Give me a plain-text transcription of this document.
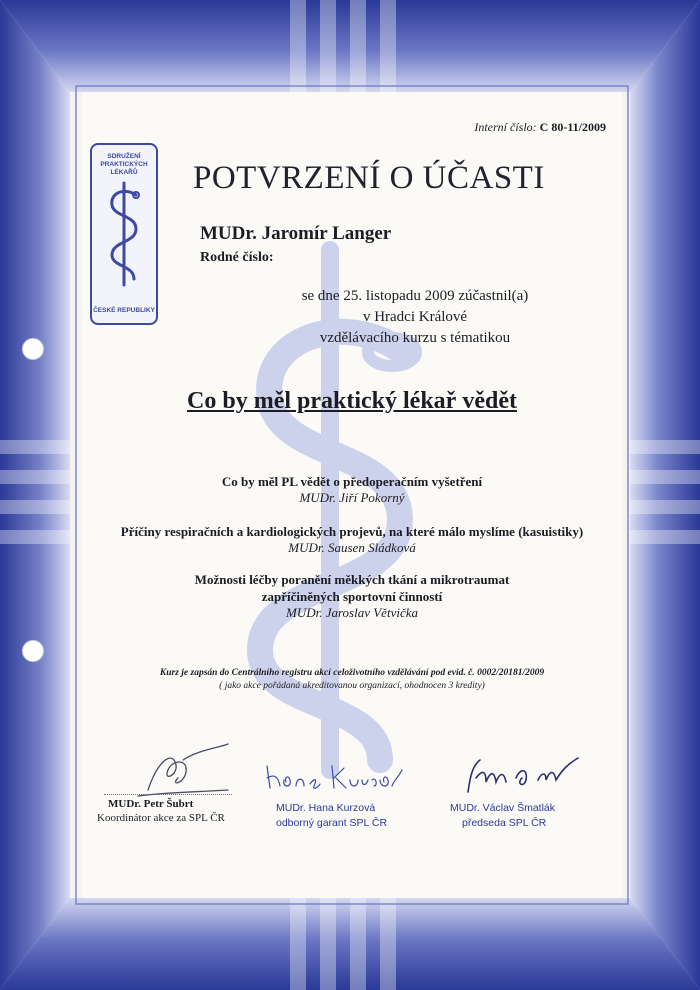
SDRUŽENÍ
PRAKTICKÝCH LÉKAŘŮ
ČESKÉ REPUBLIKY
Interní číslo: C 80-11/2009
POTVRZENÍ O ÚČASTI
MUDr. Jaromír Langer
Rodné číslo:
se dne 25. listopadu 2009 zúčastnil(a)
v Hradci Králové
vzdělávacího kurzu s tématikou
Co by měl praktický lékař vědět
Co by měl PL vědět o předoperačním vyšetření
MUDr. Jiří Pokorný
Příčiny respiračních a kardiologických projevů, na které málo myslíme (kasuistiky)
MUDr. Sausen Sládková
Možnosti léčby poranění měkkých tkání a mikrotraumat
zapříčiněných sportovní činností
MUDr. Jaroslav Větvička
Kurz je zapsán do Centrálního registru akcí celoživotního vzdělávání pod evid. č. 0002/20181/2009
( jako akce pořádaná akreditovanou organizací, ohodnocen 3 kredity)
MUDr. Petr Šubrt
Koordinátor akce za SPL ČR
MUDr. Hana Kurzová
odborný garant SPL ČR
MUDr. Václav Šmatlák
předseda SPL ČR
